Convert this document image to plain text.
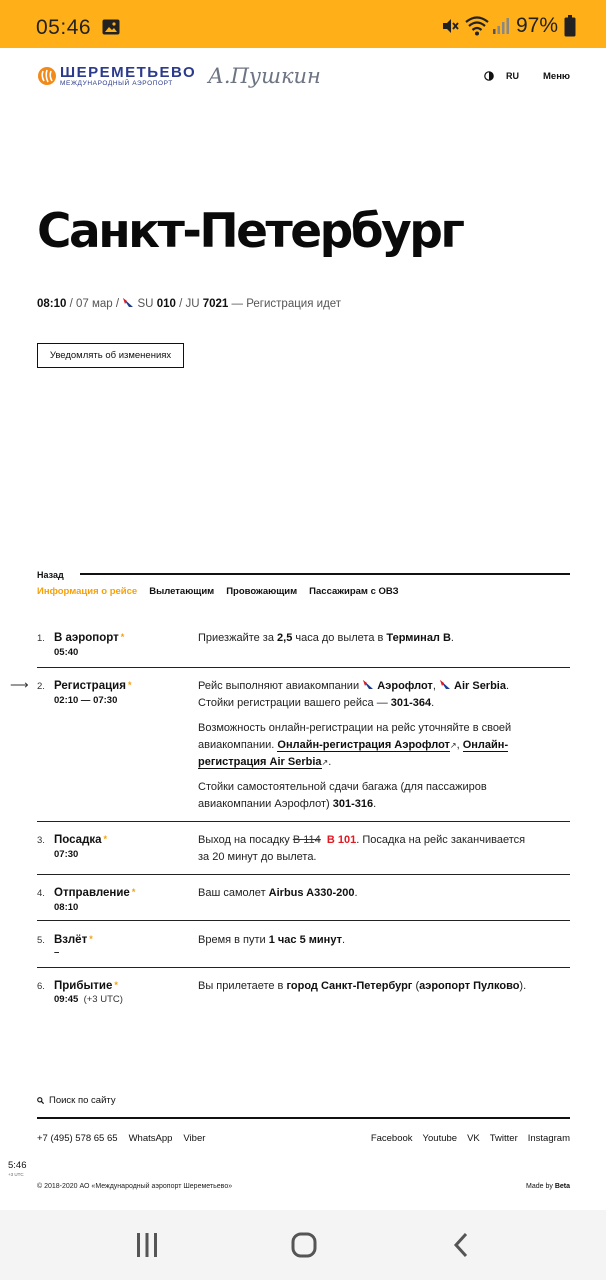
05:46	97%
ШЕРЕМЕТЬЕВО
МЕЖДУНАРОДНЫЙ АЭРОПОРТ	А.Пушкин	RU	Меню
Санкт-Петербург
08:10 / 07 мар /  SU 010 / JU 7021 — Регистрация идет
Уведомлять об изменениях
Назад
Информация о рейсе Вылетающим Провожающим Пассажирам с ОВЗ
1. В аэропорт *
05:40
Приезжайте за 2,5 часа до вылета в Терминал B.
⟶ 2. Регистрация *
02:10 — 07:30

Рейс выполняют авиакомпании  Аэрофлот,  Air Serbia. Стойки регистрации вашего рейса — 301-364.

Возможность онлайн-регистрации на рейс уточняйте в своей авиакомпании. Онлайн-регистрация Аэрофлот↗, Онлайн-регистрация Air Serbia↗.

Стойки самостоятельной сдачи багажа (для пассажиров авиакомпании Аэрофлот) 301-316.

3. Посадка *
07:30
Выход на посадку B 114 B 101. Посадка на рейс заканчивается за 20 минут до вылета.
4. Отправление *
08:10
Ваш самолет Airbus A330-200.
5. Взлёт *
–
Время в пути 1 час 5 минут.
6. Прибытие *
09:45 (+3 UTC)
Вы прилетаете в город Санкт-Петербург (аэропорт Пулково).
Поиск по сайту
+7 (495) 578 65 65 WhatsApp Viber	Facebook Youtube VK Twitter Instagram
5:46
+3 UTC
© 2018-2020 АО «Международный аэропорт Шереметьево»	Made by Beta
